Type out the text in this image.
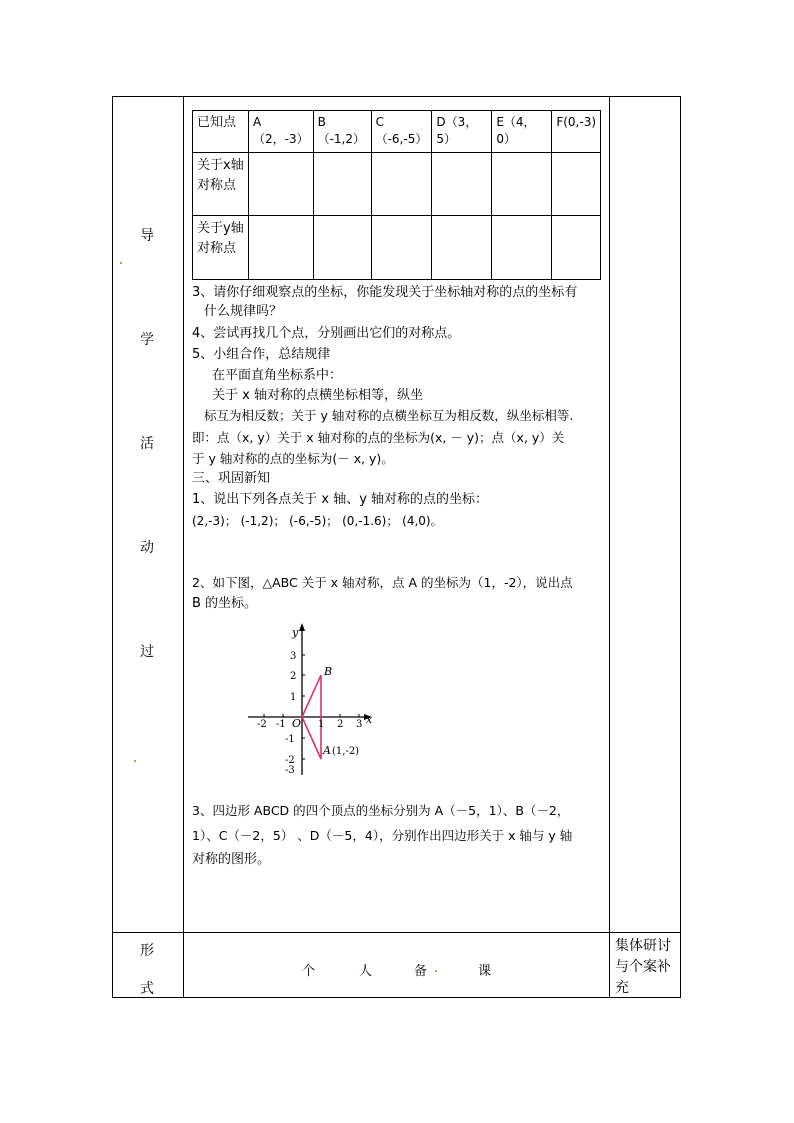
导
学
活
动
过
已知点	A（2，-3）	B（-1,2）	C（-6,-5）	D（3，5）	E（4，0）	F(0,-3)
关于x轴对称点						
关于y轴对称点						
3、请你仔细观察点的坐标，你能发现关于坐标轴对称的点的坐标有
什么规律吗？
4、尝试再找几个点，分别画出它们的对称点。
5、小组合作，总结规律
在平面直角坐标系中：
关于 x 轴对称的点横坐标相等，纵坐
标互为相反数；关于 y 轴对称的点横坐标互为相反数，纵坐标相等.
即：点（x, y）关于 x 轴对称的点的坐标为(x, － y)；点（x, y）关
于 y 轴对称的点的坐标为(－ x, y)。
三、巩固新知
1、说出下列各点关于 x 轴、y 轴对称的点的坐标：
(2,-3)； (-1,2)； (-6,-5)； (0,-1.6)； (4,0)。
2、如下图，△ABC 关于 x 轴对称，点 A 的坐标为（1，-2），说出点
B 的坐标。
y
x
O
-2 -1	1 2 3
3
2
1
-1
-2
-3
B
A (1,-2)
3、四边形 ABCD 的四个顶点的坐标分别为 A（－5，1）、B（－2，
1）、C（－2，5） 、D（－5，4），分别作出四边形关于 x 轴与 y 轴
对称的图形。
形
式
个	人	备	课
集体研讨
与个案补
充
